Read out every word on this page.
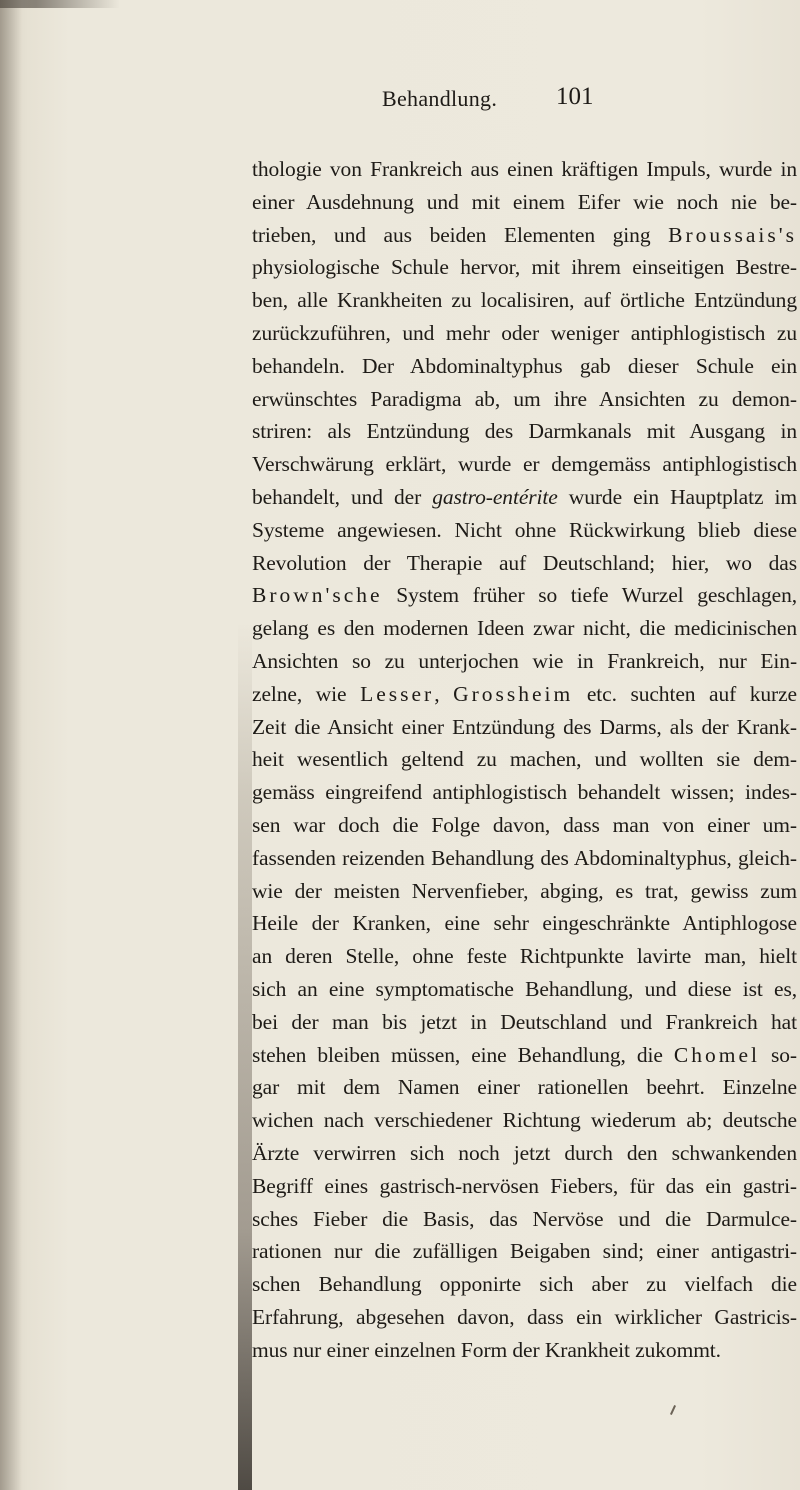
Behandlung. 101
thologie von Frankreich aus einen kräftigen Impuls, wurde in
einer Ausdehnung und mit einem Eifer wie noch nie be-
trieben, und aus beiden Elementen ging Broussais's
physiologische Schule hervor, mit ihrem einseitigen Bestre-
ben, alle Krankheiten zu localisiren, auf örtliche Entzündung
zurückzuführen, und mehr oder weniger antiphlogistisch zu
behandeln. Der Abdominaltyphus gab dieser Schule ein
erwünschtes Paradigma ab, um ihre Ansichten zu demon-
striren: als Entzündung des Darmkanals mit Ausgang in
Verschwärung erklärt, wurde er demgemäss antiphlogistisch
behandelt, und der gastro-entérite wurde ein Hauptplatz im
Systeme angewiesen. Nicht ohne Rückwirkung blieb diese
Revolution der Therapie auf Deutschland; hier, wo das
Brown'sche System früher so tiefe Wurzel geschlagen,
gelang es den modernen Ideen zwar nicht, die medicinischen
Ansichten so zu unterjochen wie in Frankreich, nur Ein-
zelne, wie Lesser, Grossheim etc. suchten auf kurze
Zeit die Ansicht einer Entzündung des Darms, als der Krank-
heit wesentlich geltend zu machen, und wollten sie dem-
gemäss eingreifend antiphlogistisch behandelt wissen; indes-
sen war doch die Folge davon, dass man von einer um-
fassenden reizenden Behandlung des Abdominaltyphus, gleich-
wie der meisten Nervenfieber, abging, es trat, gewiss zum
Heile der Kranken, eine sehr eingeschränkte Antiphlogose
an deren Stelle, ohne feste Richtpunkte lavirte man, hielt
sich an eine symptomatische Behandlung, und diese ist es,
bei der man bis jetzt in Deutschland und Frankreich hat
stehen bleiben müssen, eine Behandlung, die Chomel so-
gar mit dem Namen einer rationellen beehrt. Einzelne
wichen nach verschiedener Richtung wiederum ab; deutsche
Ärzte verwirren sich noch jetzt durch den schwankenden
Begriff eines gastrisch-nervösen Fiebers, für das ein gastri-
sches Fieber die Basis, das Nervöse und die Darmulce-
rationen nur die zufälligen Beigaben sind; einer antigastri-
schen Behandlung opponirte sich aber zu vielfach die
Erfahrung, abgesehen davon, dass ein wirklicher Gastricis-
mus nur einer einzelnen Form der Krankheit zukommt.
